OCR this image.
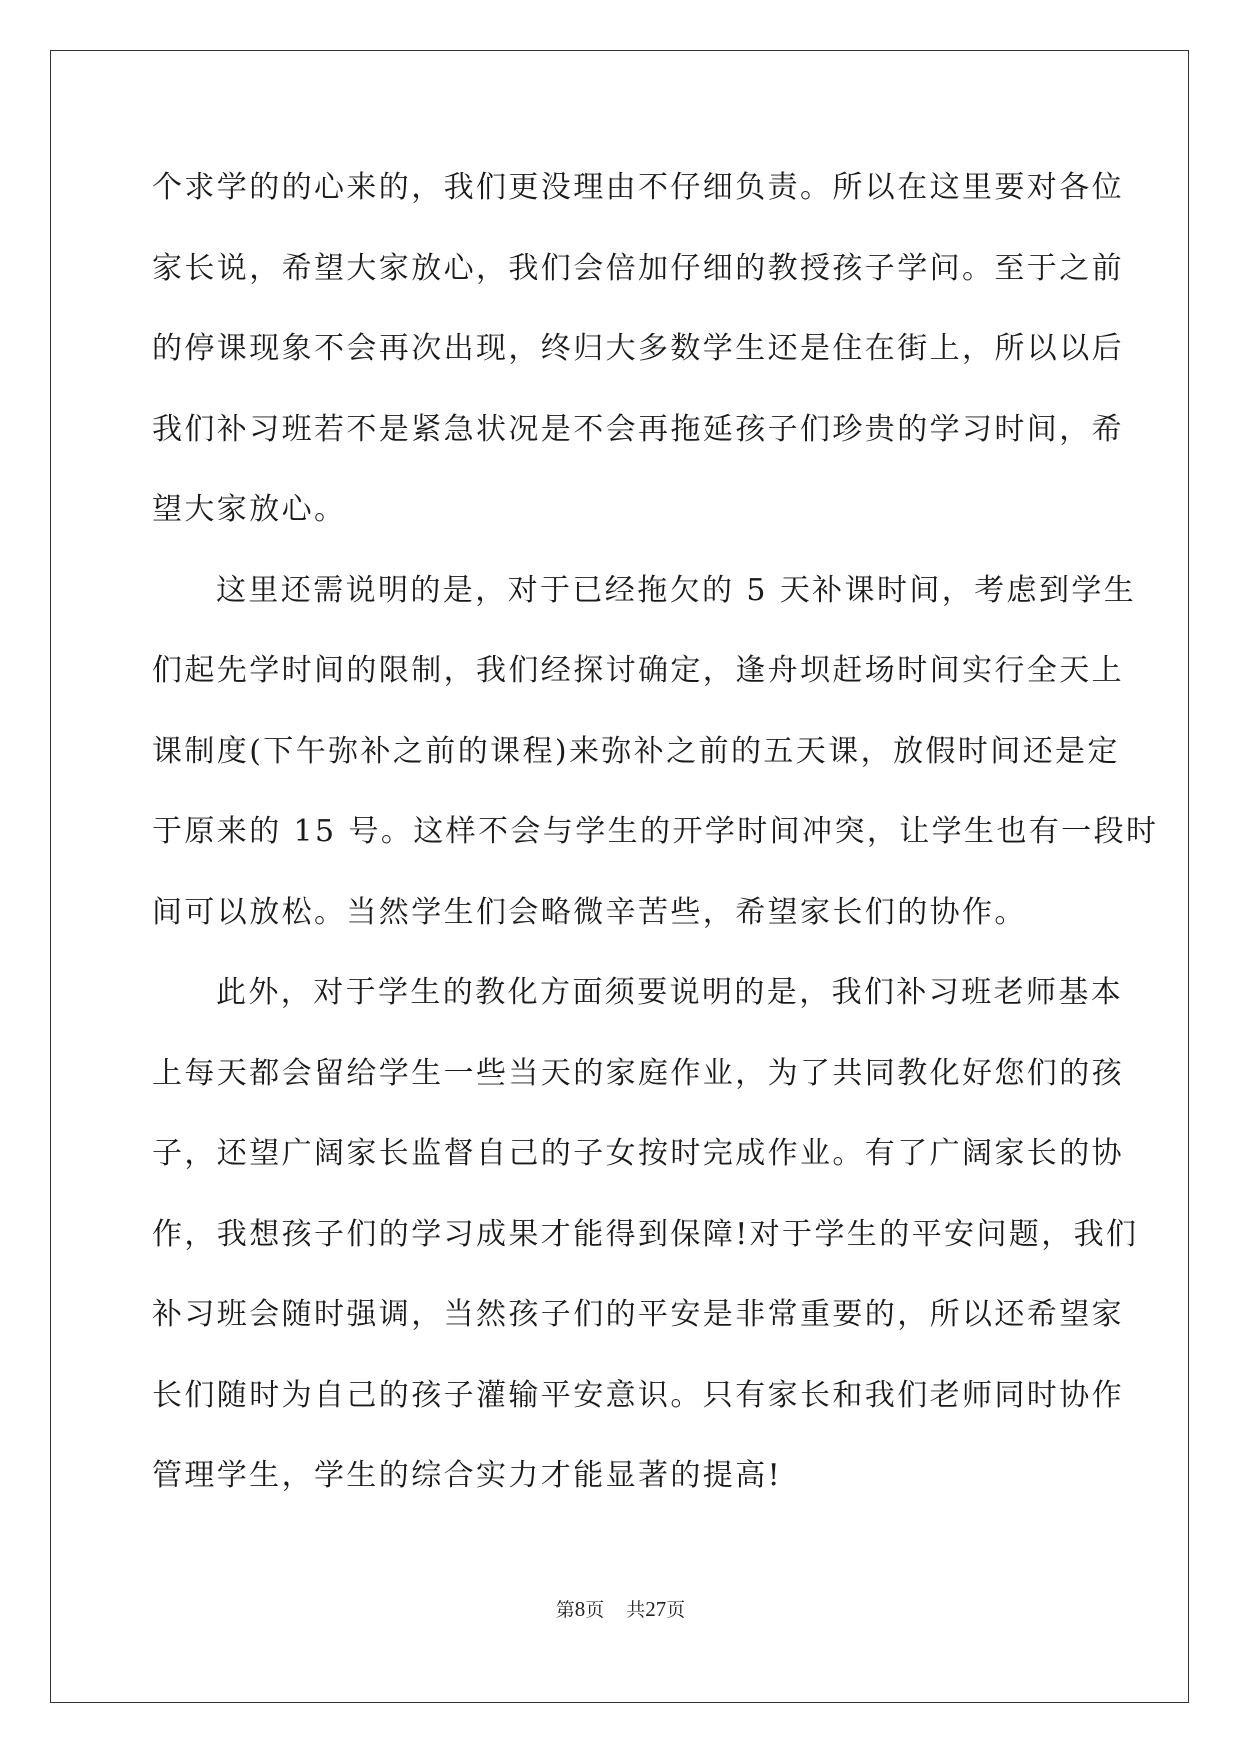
个求学的的心来的，我们更没理由不仔细负责。所以在这里要对各位
家长说，希望大家放心，我们会倍加仔细的教授孩子学问。至于之前
的停课现象不会再次出现，终归大多数学生还是住在街上，所以以后
我们补习班若不是紧急状况是不会再拖延孩子们珍贵的学习时间，希
望大家放心。
这里还需说明的是，对于已经拖欠的 5 天补课时间，考虑到学生
们起先学时间的限制，我们经探讨确定，逢舟坝赶场时间实行全天上
课制度(下午弥补之前的课程)来弥补之前的五天课，放假时间还是定
于原来的 15 号。这样不会与学生的开学时间冲突，让学生也有一段时
间可以放松。当然学生们会略微辛苦些，希望家长们的协作。
此外，对于学生的教化方面须要说明的是，我们补习班老师基本
上每天都会留给学生一些当天的家庭作业，为了共同教化好您们的孩
子，还望广阔家长监督自己的子女按时完成作业。有了广阔家长的协
作，我想孩子们的学习成果才能得到保障!对于学生的平安问题，我们
补习班会随时强调，当然孩子们的平安是非常重要的，所以还希望家
长们随时为自己的孩子灌输平安意识。只有家长和我们老师同时协作
管理学生，学生的综合实力才能显著的提高!
第8页 共27页
